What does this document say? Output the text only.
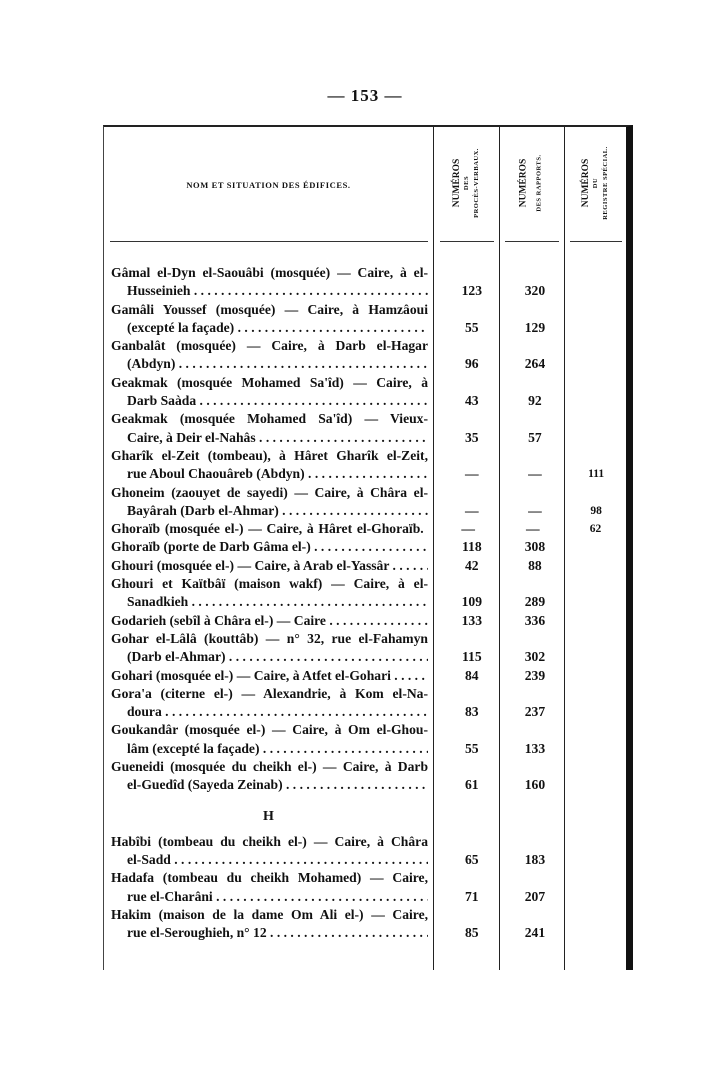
— 153 —
NOM ET SITUATION DES ÉDIFICES.	NUMÉROS DES PROCÈS-VERBAUX.	NUMÉROS DES RAPPORTS.	NUMÉROS DU REGISTRE SPÉCIAL.
Gâmal el-Dyn el-Saouâbi (mosquée) — Caire, à el-
Husseinieh . . .	123	320
Gamâli Youssef (mosquée) — Caire, à Hamzâoui
(excepté la façade) . . .	55	129
Ganbalât (mosquée) — Caire, à Darb el-Hagar
(Abdyn) . . .	96	264
Geakmak (mosquée Mohamed Sa'îd) — Caire, à
Darb Saàda . . .	43	92
Geakmak (mosquée Mohamed Sa'îd) — Vieux-
Caire, à Deir el-Nahâs . . .	35	57
Gharîk el-Zeit (tombeau), à Hâret Gharîk el-Zeit,
rue Aboul Chaouâreb (Abdyn) . . .	—	—	111
Ghoneim (zaouyet de sayedi) — Caire, à Châra el-
Bayârah (Darb el-Ahmar) . . .	—	—	98
Ghoraïb (mosquée el-) — Caire, à Hâret el-Ghoraïb.	—	—	62
Ghoraïb (porte de Darb Gâma el-) . . .	118	308
Ghouri (mosquée el-) — Caire, à Arab el-Yassâr . . .	42	88
Ghouri et Kaïtbâï (maison wakf) — Caire, à el-
Sanadkieh . . .	109	289
Godarieh (sebîl à Châra el-) — Caire . . .	133	336
Gohar el-Lâlâ (kouttâb) — n° 32, rue el-Fahamyn
(Darb el-Ahmar) . . .	115	302
Gohari (mosquée el-) — Caire, à Atfet el-Gohari . . .	84	239
Gora'a (citerne el-) — Alexandrie, à Kom el-Na-
doura . . .	83	237
Goukandâr (mosquée el-) — Caire, à Om el-Ghou-
lâm (excepté la façade) . . .	55	133
Gueneidi (mosquée du cheikh el-) — Caire, à Darb
el-Guedîd (Sayeda Zeinab) . . .	61	160
H
Habîbi (tombeau du cheikh el-) — Caire, à Châra
el-Sadd . . .	65	183
Hadafa (tombeau du cheikh Mohamed) — Caire,
rue el-Charâni . . .	71	207
Hakim (maison de la dame Om Ali el-) — Caire,
rue el-Seroughieh, n° 12 . . .	85	241
